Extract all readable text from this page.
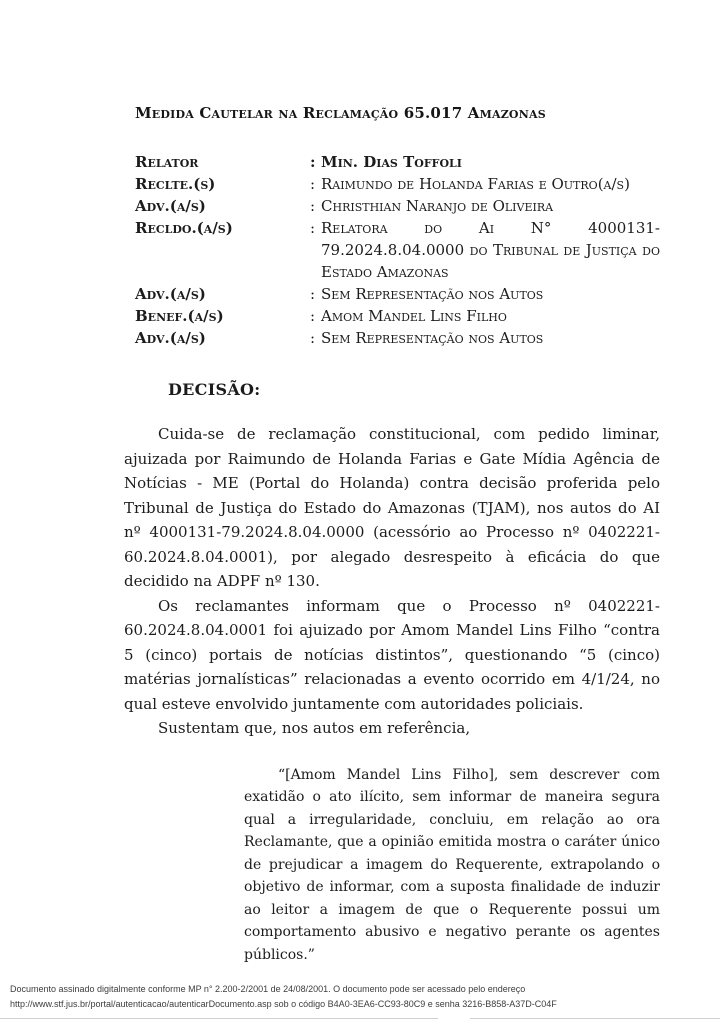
Medida Cautelar na Reclamação 65.017 Amazonas
Relator	: Min. Dias Toffoli
Reclte.(s)	: Raimundo de Holanda Farias e Outro(a/s)
Adv.(a/s)	: Christhian Naranjo de Oliveira
Recldo.(a/s)	: Relatora do Ai N° 4000131-79.2024.8.04.0000 do Tribunal de Justiça do Estado Amazonas
Adv.(a/s)	: Sem Representação nos Autos
Benef.(a/s)	: Amom Mandel Lins Filho
Adv.(a/s)	: Sem Representação nos Autos
DECISÃO:

Cuida-se de reclamação constitucional, com pedido liminar, ajuizada por Raimundo de Holanda Farias e Gate Mídia Agência de Notícias - ME (Portal do Holanda) contra decisão proferida pelo Tribunal de Justiça do Estado do Amazonas (TJAM), nos autos do AI nº 4000131-79.2024.8.04.0000 (acessório ao Processo nº 0402221-60.2024.8.04.0001), por alegado desrespeito à eficácia do que decidido na ADPF nº 130.

Os reclamantes informam que o Processo nº 0402221-60.2024.8.04.0001 foi ajuizado por Amom Mandel Lins Filho “contra 5 (cinco) portais de notícias distintos”, questionando “5 (cinco) matérias jornalísticas” relacionadas a evento ocorrido em 4/1/24, no qual esteve envolvido juntamente com autoridades policiais.

Sustentam que, nos autos em referência,

“[Amom Mandel Lins Filho], sem descrever com exatidão o ato ilícito, sem informar de maneira segura qual a irregularidade, concluiu, em relação ao ora Reclamante, que a opinião emitida mostra o caráter único de prejudicar a imagem do Requerente, extrapolando o objetivo de informar, com a suposta finalidade de induzir ao leitor a imagem de que o Requerente possui um comportamento abusivo e negativo perante os agentes públicos.”
Documento assinado digitalmente conforme MP n° 2.200-2/2001 de 24/08/2001. O documento pode ser acessado pelo endereço
http://www.stf.jus.br/portal/autenticacao/autenticarDocumento.asp sob o código B4A0-3EA6-CC93-80C9 e senha 3216-B858-A37D-C04F
